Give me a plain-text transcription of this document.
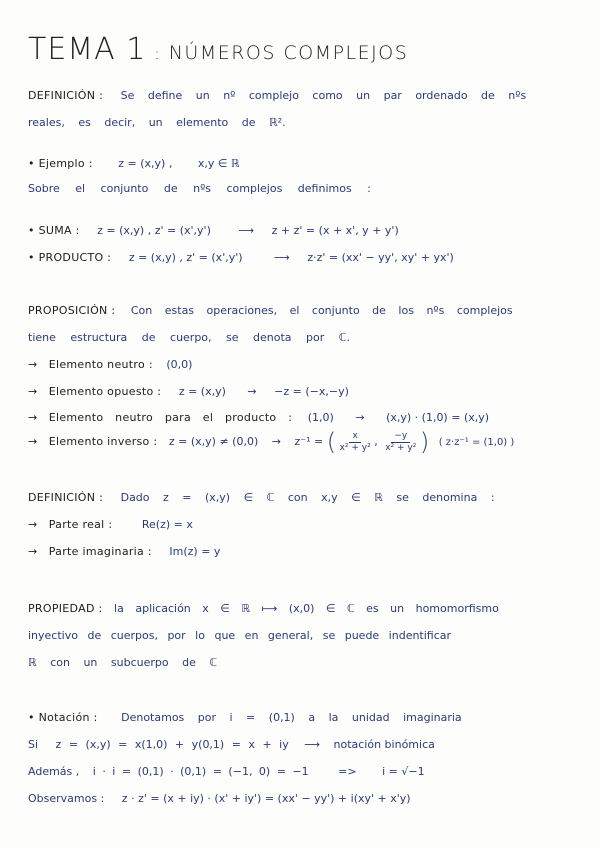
TEMA 1 : NÚMEROS COMPLEJOS
DEFINICIÓN : Se define un nº complejo como un par ordenado de nºs
reales, es decir, un elemento de ℝ².
• Ejemplo : z = (x,y) , x,y ∈ ℝ
Sobre el conjunto de nºs complejos definimos :
• SUMA : z = (x,y) , z' = (x',y')	⟶ z + z' = (x + x', y + y')
• PRODUCTO : z = (x,y) , z' = (x',y')	⟶ z·z' = (xx' − yy', xy' + yx')
PROPOSICIÓN : Con estas operaciones, el conjunto de los nºs complejos
tiene estructura de cuerpo, se denota por ℂ.
→ Elemento neutro : (0,0)
→ Elemento opuesto : z = (x,y) → −z = (−x,−y)
→ Elemento neutro para el producto : (1,0) → (x,y) · (1,0) = (x,y)
→ Elemento inverso : z = (x,y) ≠ (0,0) → z⁻¹ = ( $\frac{x}{\text{x² + y²}}$ , $\frac{-y}{\text{x² + y²}}$ ) ( z·z⁻¹ = (1,0) )
DEFINICIÓN : Dado z = (x,y) ∈ ℂ con x,y ∈ ℝ se denomina :
→ Parte real :	Re(z) = x
→ Parte imaginaria : Im(z) = y
PROPIEDAD : la aplicación x ∈ ℝ ⟼ (x,0) ∈ ℂ es un homomorfismo
inyectivo de cuerpos, por lo que en general, se puede indentificar
ℝ con un subcuerpo de ℂ
• Notación : Denotamos por i = (0,1) a la unidad imaginaria
Si z = (x,y) = x(1,0) + y(0,1) = x + iy ⟶ notación binómica
Además , i · i = (0,1) · (0,1) = (−1, 0) = −1	=> i = √−1
Observamos : z · z' = (x + iy) · (x' + iy') = (xx' − yy') + i(xy' + x'y)
